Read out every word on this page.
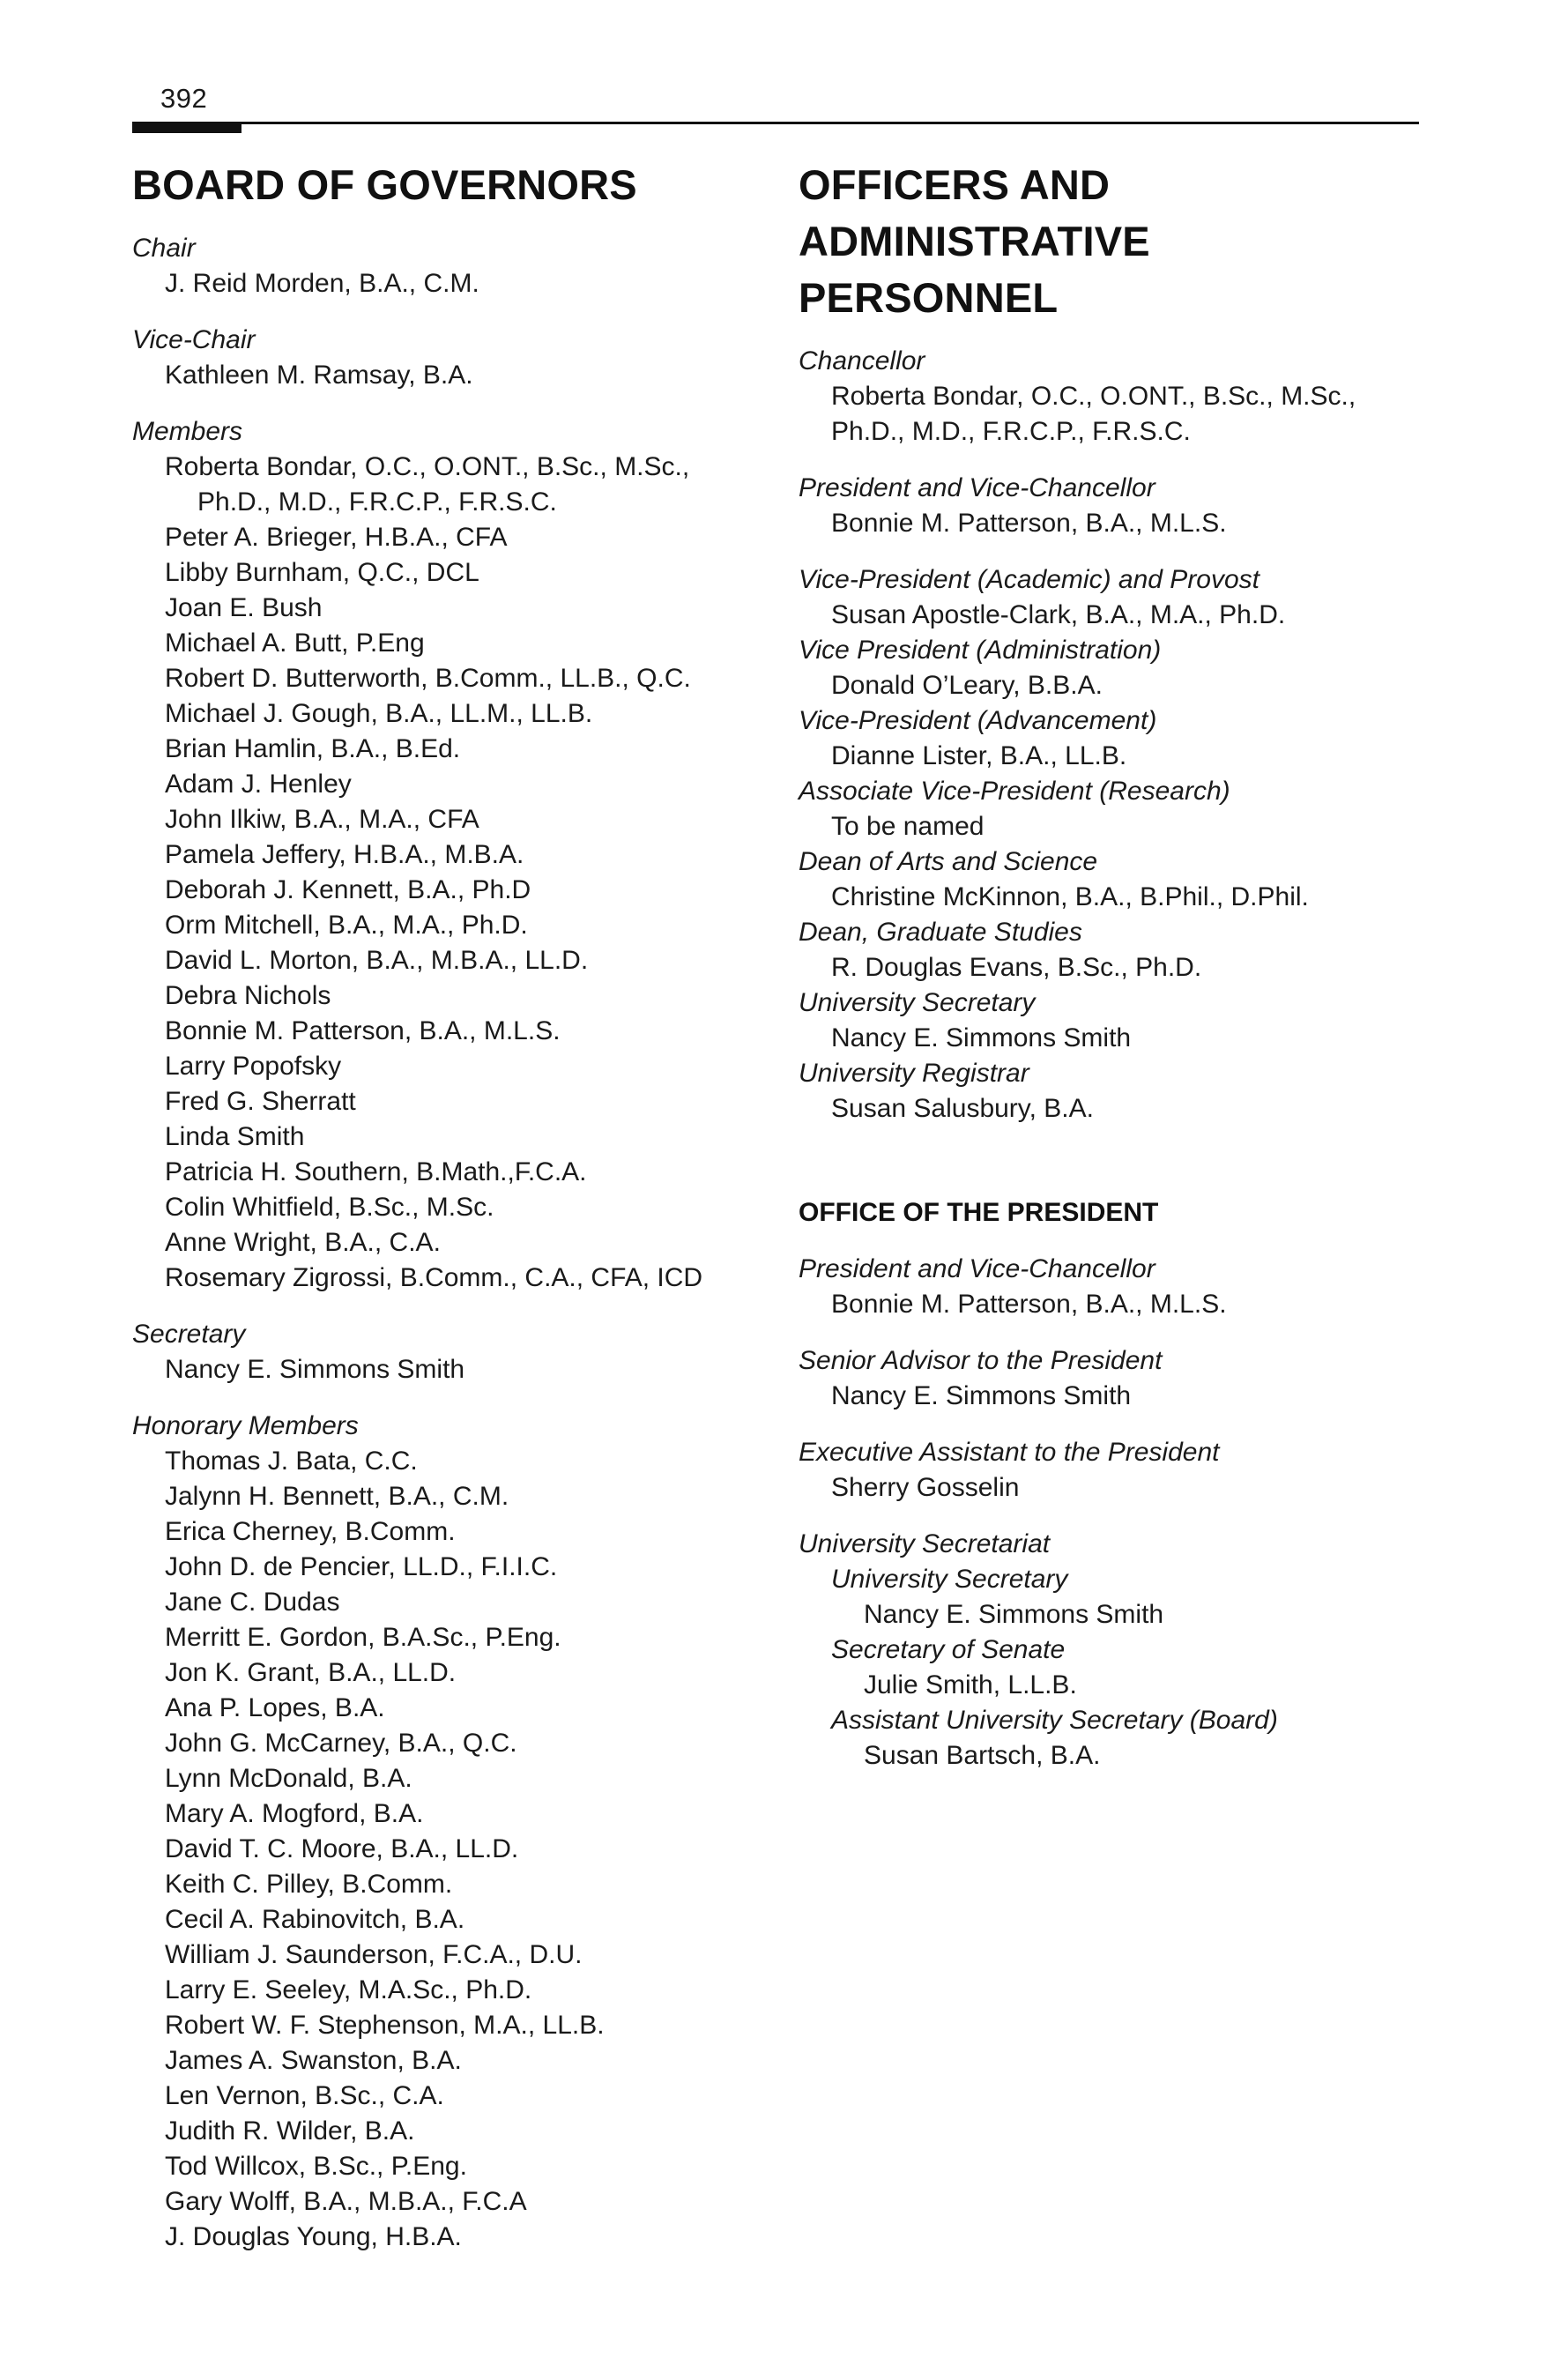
392
BOARD OF GOVERNORS
Chair
J. Reid Morden, B.A., C.M.
Vice-Chair
Kathleen M. Ramsay, B.A.
Members
Roberta Bondar, O.C., O.ONT., B.Sc., M.Sc.,
Ph.D., M.D., F.R.C.P., F.R.S.C.
Peter A. Brieger, H.B.A., CFA
Libby Burnham, Q.C., DCL
Joan E. Bush
Michael A. Butt, P.Eng
Robert D. Butterworth, B.Comm., LL.B., Q.C.
Michael J. Gough, B.A., LL.M., LL.B.
Brian Hamlin, B.A., B.Ed.
Adam J. Henley
John Ilkiw, B.A., M.A., CFA
Pamela Jeffery, H.B.A., M.B.A.
Deborah J. Kennett, B.A., Ph.D
Orm Mitchell, B.A., M.A., Ph.D.
David L. Morton, B.A., M.B.A., LL.D.
Debra Nichols
Bonnie M. Patterson, B.A., M.L.S.
Larry Popofsky
Fred G. Sherratt
Linda Smith
Patricia H. Southern, B.Math.,F.C.A.
Colin Whitfield, B.Sc., M.Sc.
Anne Wright, B.A., C.A.
Rosemary Zigrossi, B.Comm., C.A., CFA, ICD
Secretary
Nancy E. Simmons Smith
Honorary Members
Thomas J. Bata, C.C.
Jalynn H. Bennett, B.A., C.M.
Erica Cherney, B.Comm.
John D. de Pencier, LL.D., F.I.I.C.
Jane C. Dudas
Merritt E. Gordon, B.A.Sc., P.Eng.
Jon K. Grant, B.A., LL.D.
Ana P. Lopes, B.A.
John G. McCarney, B.A., Q.C.
Lynn McDonald, B.A.
Mary A. Mogford, B.A.
David T. C. Moore, B.A., LL.D.
Keith C. Pilley, B.Comm.
Cecil A. Rabinovitch, B.A.
William J. Saunderson, F.C.A., D.U.
Larry E. Seeley, M.A.Sc., Ph.D.
Robert W. F. Stephenson, M.A., LL.B.
James A. Swanston, B.A.
Len Vernon, B.Sc., C.A.
Judith R. Wilder, B.A.
Tod Willcox, B.Sc., P.Eng.
Gary Wolff, B.A., M.B.A., F.C.A
J. Douglas Young, H.B.A.
OFFICERS AND
ADMINISTRATIVE PERSONNEL
Chancellor
Roberta Bondar, O.C., O.ONT., B.Sc., M.Sc.,
Ph.D., M.D., F.R.C.P., F.R.S.C.
President and Vice-Chancellor
Bonnie M. Patterson, B.A., M.L.S.
Vice-President (Academic) and Provost
Susan Apostle-Clark, B.A., M.A., Ph.D.
Vice President (Administration)
Donald O’Leary, B.B.A.
Vice-President (Advancement)
Dianne Lister, B.A., LL.B.
Associate Vice-President (Research)
To be named
Dean of Arts and Science
Christine McKinnon, B.A., B.Phil., D.Phil.
Dean, Graduate Studies
R. Douglas Evans, B.Sc., Ph.D.
University Secretary
Nancy E. Simmons Smith
University Registrar
Susan Salusbury, B.A.
OFFICE OF THE PRESIDENT
President and Vice-Chancellor
Bonnie M. Patterson, B.A., M.L.S.
Senior Advisor to the President
Nancy E. Simmons Smith
Executive Assistant to the President
Sherry Gosselin
University Secretariat
University Secretary
Nancy E. Simmons Smith
Secretary of Senate
Julie Smith, L.L.B.
Assistant University Secretary (Board)
Susan Bartsch, B.A.
